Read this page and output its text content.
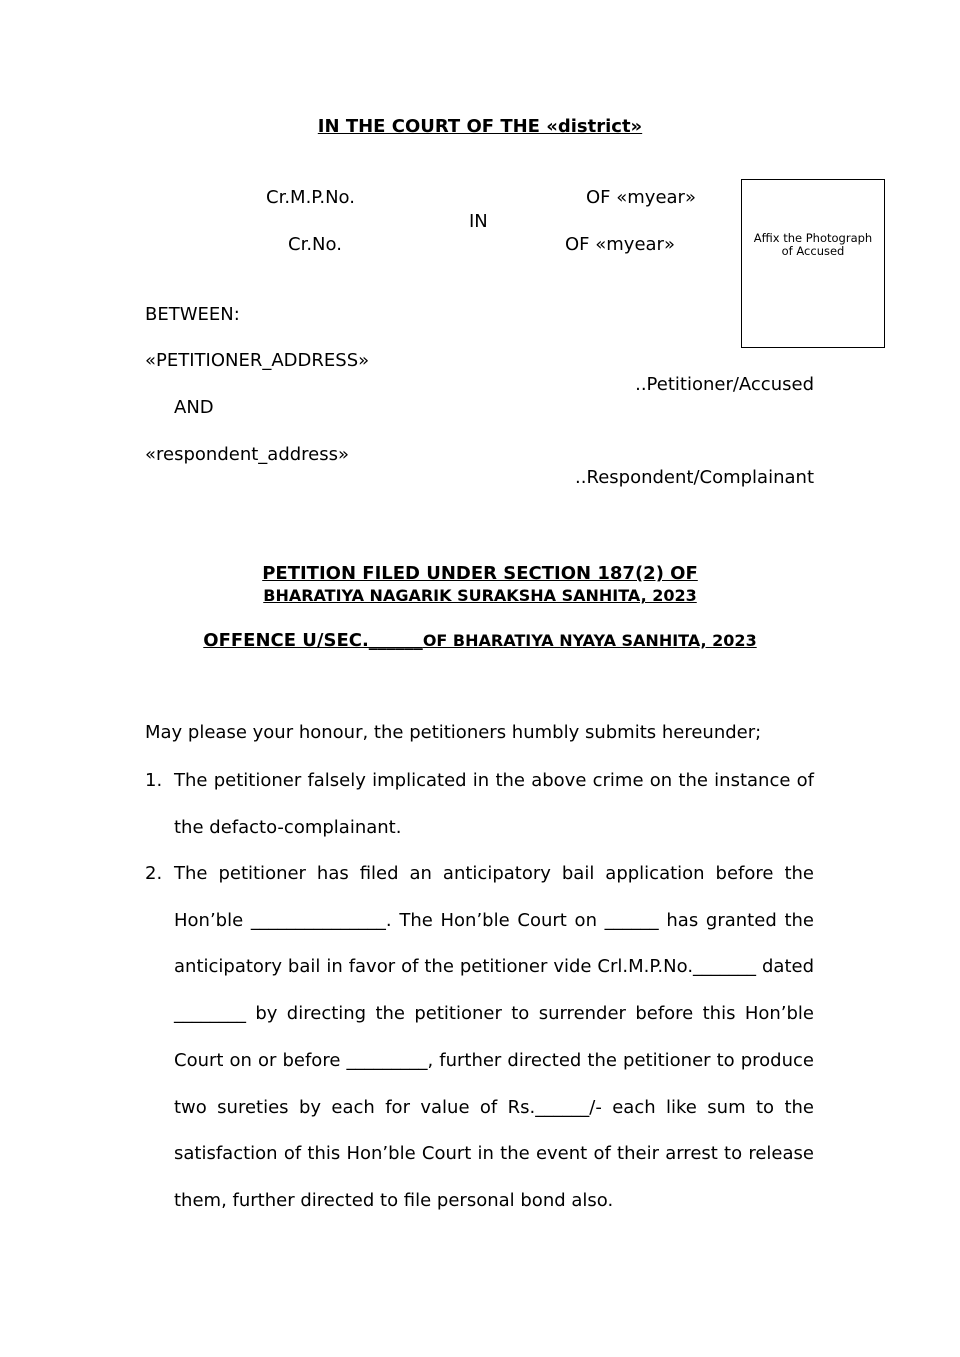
IN THE COURT OF THE «district»
Cr.M.P.No.	OF «myear»
IN
Cr.No.	OF «myear»	Affix the Photograph of Accused
BETWEEN:
«PETITIONER_ADDRESS»
..Petitioner/Accused
AND
«respondent_address»
..Respondent/Complainant
PETITION FILED UNDER SECTION 187(2) OF
BHARATIYA NAGARIK SURAKSHA SANHITA, 2023
OFFENCE U/SEC.______OF BHARATIYA NYAYA SANHITA, 2023
May please your honour, the petitioners humbly submits hereunder;
1. The petitioner falsely implicated in the above crime on the instance of the defacto-complainant.
2. The petitioner has filed an anticipatory bail application before the Hon’ble _______________. The Hon’ble Court on ______ has granted the anticipatory bail in favor of the petitioner vide Crl.M.P.No._______ dated ________ by directing the petitioner to surrender before this Hon’ble Court on or before _________, further directed the petitioner to produce two sureties by each for value of Rs.______/- each like sum to the satisfaction of this Hon’ble Court in the event of their arrest to release them, further directed to file personal bond also.
